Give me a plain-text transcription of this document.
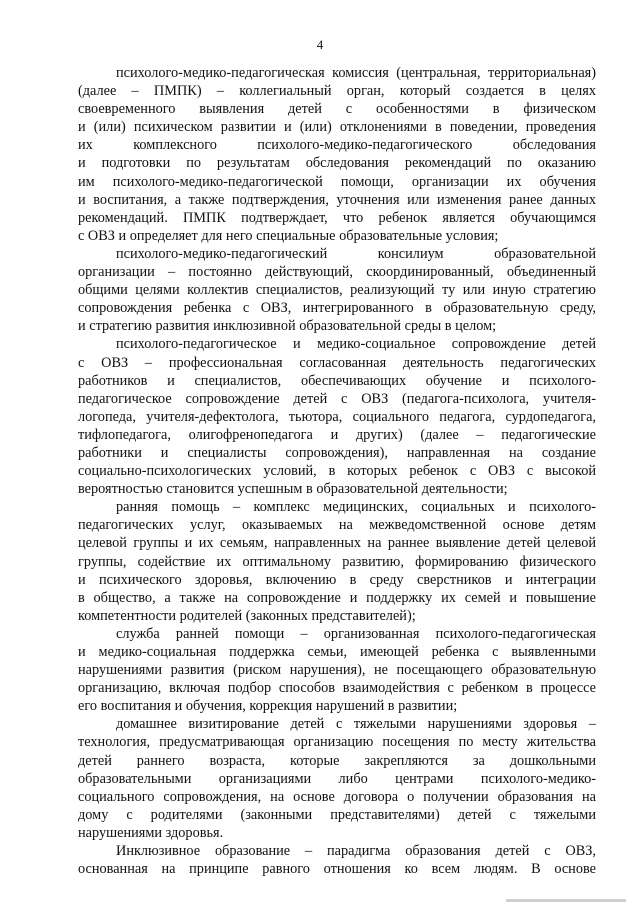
4
психолого-медико-педагогическая комиссия (центральная, территориальная)
(далее – ПМПК) – коллегиальный орган, который создается в целях
своевременного выявления детей с особенностями в физическом
и (или) психическом развитии и (или) отклонениями в поведении, проведения
их комплексного психолого-медико-педагогического обследования
и подготовки по результатам обследования рекомендаций по оказанию
им психолого-медико-педагогической помощи, организации их обучения
и воспитания, а также подтверждения, уточнения или изменения ранее данных
рекомендаций. ПМПК подтверждает, что ребенок является обучающимся
с ОВЗ и определяет для него специальные образовательные условия;
психолого-медико-педагогический консилиум образовательной
организации – постоянно действующий, скоординированный, объединенный
общими целями коллектив специалистов, реализующий ту или иную стратегию
сопровождения ребенка с ОВЗ, интегрированного в образовательную среду,
и стратегию развития инклюзивной образовательной среды в целом;
психолого-педагогическое и медико-социальное сопровождение детей
с ОВЗ – профессиональная согласованная деятельность педагогических
работников и специалистов, обеспечивающих обучение и психолого-
педагогическое сопровождение детей с ОВЗ (педагога-психолога, учителя-
логопеда, учителя-дефектолога, тьютора, социального педагога, сурдопедагога,
тифлопедагога, олигофренопедагога и других) (далее – педагогические
работники и специалисты сопровождения), направленная на создание
социально-психологических условий, в которых ребенок с ОВЗ с высокой
вероятностью становится успешным в образовательной деятельности;
ранняя помощь – комплекс медицинских, социальных и психолого-
педагогических услуг, оказываемых на межведомственной основе детям
целевой группы и их семьям, направленных на раннее выявление детей целевой
группы, содействие их оптимальному развитию, формированию физического
и психического здоровья, включению в среду сверстников и интеграции
в общество, а также на сопровождение и поддержку их семей и повышение
компетентности родителей (законных представителей);
служба ранней помощи – организованная психолого-педагогическая
и медико-социальная поддержка семьи, имеющей ребенка с выявленными
нарушениями развития (риском нарушения), не посещающего образовательную
организацию, включая подбор способов взаимодействия с ребенком в процессе
его воспитания и обучения, коррекция нарушений в развитии;
домашнее визитирование детей с тяжелыми нарушениями здоровья –
технология, предусматривающая организацию посещения по месту жительства
детей раннего возраста, которые закрепляются за дошкольными
образовательными организациями либо центрами психолого-медико-
социального сопровождения, на основе договора о получении образования на
дому с родителями (законными представителями) детей с тяжелыми
нарушениями здоровья.
Инклюзивное образование – парадигма образования детей с ОВЗ,
основанная на принципе равного отношения ко всем людям. В основе
